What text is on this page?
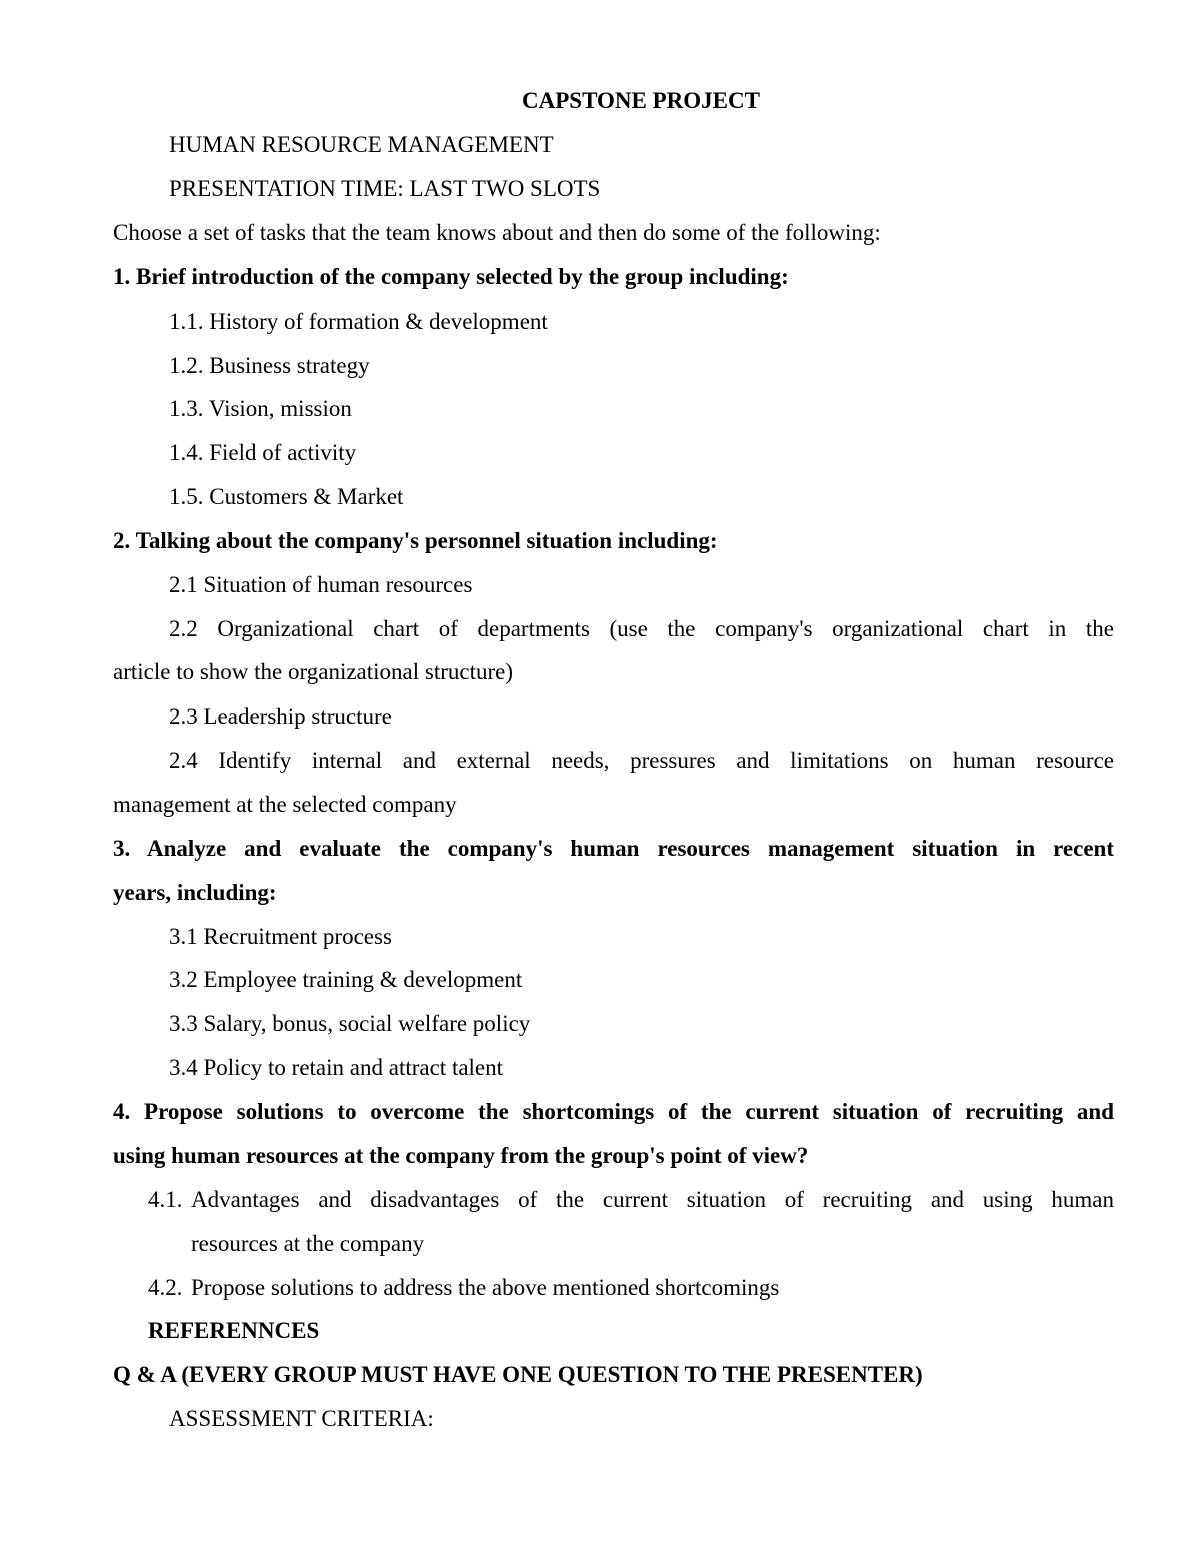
CAPSTONE PROJECT
HUMAN RESOURCE MANAGEMENT
PRESENTATION TIME: LAST TWO SLOTS
Choose a set of tasks that the team knows about and then do some of the following:
1. Brief introduction of the company selected by the group including:
1.1. History of formation & development
1.2. Business strategy
1.3. Vision, mission
1.4. Field of activity
1.5. Customers & Market
2. Talking about the company's personnel situation including:
2.1 Situation of human resources
2.2 Organizational chart of departments (use the company's organizational chart in the
article to show the organizational structure)
2.3 Leadership structure
2.4 Identify internal and external needs, pressures and limitations on human resource
management at the selected company
3. Analyze and evaluate the company's human resources management situation in recent
years, including:
3.1 Recruitment process
3.2 Employee training & development
3.3 Salary, bonus, social welfare policy
3.4 Policy to retain and attract talent
4. Propose solutions to overcome the shortcomings of the current situation of recruiting and
using human resources at the company from the group's point of view?
4.1. Advantages and disadvantages of the current situation of recruiting and using human
resources at the company
4.2. Propose solutions to address the above mentioned shortcomings
REFERENNCES
Q & A (EVERY GROUP MUST HAVE ONE QUESTION TO THE PRESENTER)
ASSESSMENT CRITERIA:
